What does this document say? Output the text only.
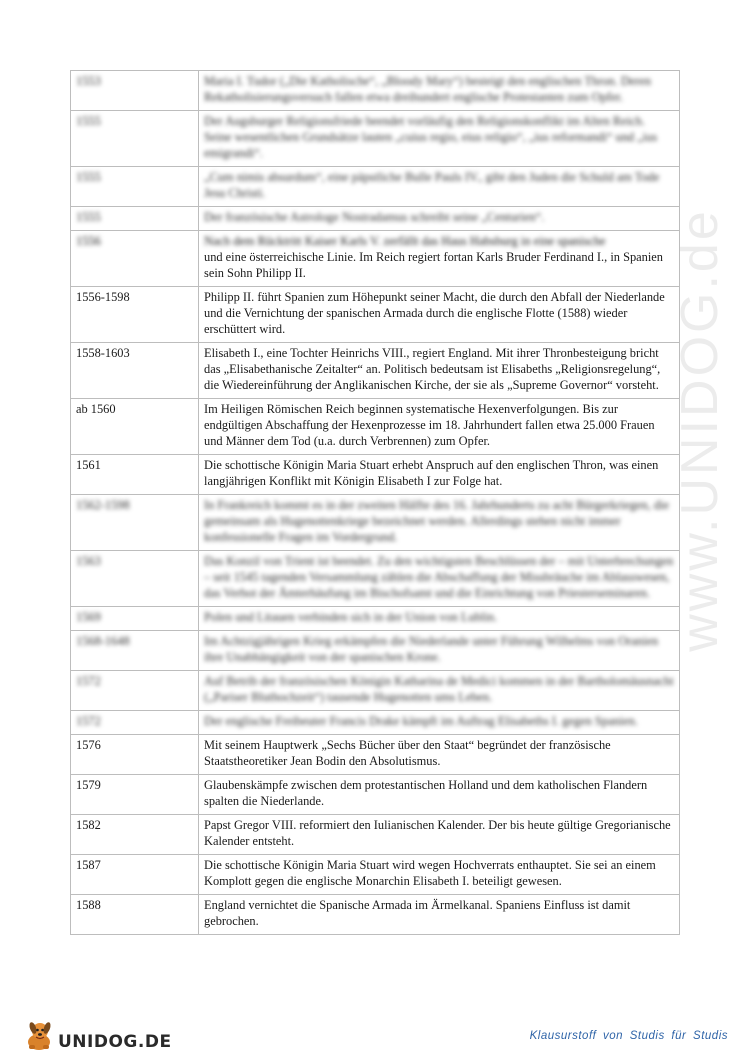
www.UNIDOG.de
1553	Maria I. Tudor („Die Katholische“, „Bloody Mary“) besteigt den englischen Thron. Deren Rekatholisierungsversuch fallen etwa dreihundert englische Protestanten zum Opfer.
1555	Der Augsburger Religionsfriede beendet vorläufig den Religionskonflikt im Alten Reich. Seine wesentlichen Grundsätze lauten „cuius regio, eius religio“, „ius reformandi“ und „ius emigrandi“.
1555	„Cum nimis absurdum“, eine päpstliche Bulle Pauls IV., gibt den Juden die Schuld am Tode Jesu Christi.
1555	Der französische Astrologe Nostradamus schreibt seine „Centurien“.
1556	Nach dem Rücktritt Kaiser Karls V. zerfällt das Haus Habsburg in eine spanische
und eine österreichische Linie. Im Reich regiert fortan Karls Bruder Ferdinand I., in Spanien sein Sohn Philipp II.

1556-1598	Philipp II. führt Spanien zum Höhepunkt seiner Macht, die durch den Abfall der Niederlande und die Vernichtung der spanischen Armada durch die englische Flotte (1588) wieder erschüttert wird.
1558-1603	Elisabeth I., eine Tochter Heinrichs VIII., regiert England. Mit ihrer Thronbesteigung bricht das „Elisabethanische Zeitalter“ an. Politisch bedeutsam ist Elisabeths „Religionsregelung“, die Wiedereinführung der Anglikanischen Kirche, der sie als „Supreme Governor“ vorsteht.
ab 1560	Im Heiligen Römischen Reich beginnen systematische Hexenverfolgungen. Bis zur endgültigen Abschaffung der Hexenprozesse im 18. Jahrhundert fallen etwa 25.000 Frauen und Männer dem Tod (u.a. durch Verbrennen) zum Opfer.
1561	Die schottische Königin Maria Stuart erhebt Anspruch auf den englischen Thron, was einen langjährigen Konflikt mit Königin Elisabeth I zur Folge hat.
1562-1598	In Frankreich kommt es in der zweiten Hälfte des 16. Jahrhunderts zu acht Bürgerkriegen, die gemeinsam als Hugenottenkriege bezeichnet werden. Allerdings stehen nicht immer konfessionelle Fragen im Vordergrund.
1563	Das Konzil von Trient ist beendet. Zu den wichtigsten Beschlüssen der – mit Unterbrechungen – seit 1545 tagenden Versammlung zählen die Abschaffung der Missbräuche im Ablasswesen, das Verbot der Ämterhäufung im Bischofsamt und die Einrichtung von Priesterseminaren.
1569	Polen und Litauen verbinden sich in der Union von Lublin.
1568-1648	Im Achtzigjährigen Krieg erkämpfen die Niederlande unter Führung Wilhelms von Oranien ihre Unabhängigkeit von der spanischen Krone.
1572	Auf Betrib der französischen Königin Katharina de Medici kommen in der Bartholomäusnacht („Pariser Bluthochzeit“) tausende Hugenotten ums Leben.
1572	Der englische Freibeuter Francis Drake kämpft im Auftrag Elisabeths I. gegen Spanien.
1576	Mit seinem Hauptwerk „Sechs Bücher über den Staat“ begründet der französische Staatstheoretiker Jean Bodin den Absolutismus.
1579	Glaubenskämpfe zwischen dem protestantischen Holland und dem katholischen Flandern spalten die Niederlande.
1582	Papst Gregor VIII. reformiert den Iulianischen Kalender. Der bis heute gültige Gregorianische Kalender entsteht.
1587	Die schottische Königin Maria Stuart wird wegen Hochverrats enthauptet. Sie sei an einem Komplott gegen die englische Monarchin Elisabeth I. beteiligt gewesen.
1588	England vernichtet die Spanische Armada im Ärmelkanal. Spaniens Einfluss ist damit gebrochen.
UNIDOG.DE	Klausurstoff von Studis für Studis
